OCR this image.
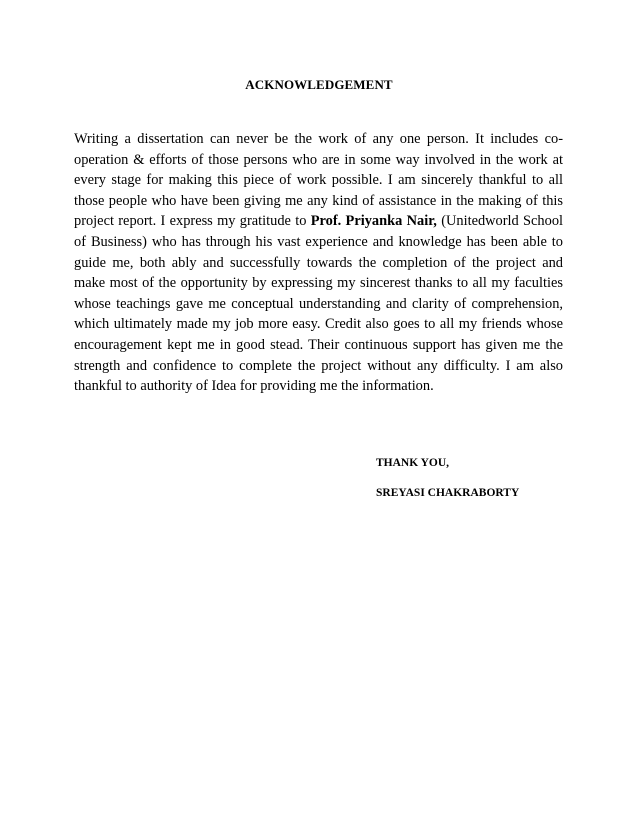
ACKNOWLEDGEMENT

Writing a dissertation can never be the work of any one person. It includes co-operation & efforts of those persons who are in some way involved in the work at every stage for making this piece of work possible. I am sincerely thankful to all those people who have been giving me any kind of assistance in the making of this project report. I express my gratitude to Prof. Priyanka Nair, (Unitedworld School of Business) who has through his vast experience and knowledge has been able to guide me, both ably and successfully towards the completion of the project and make most of the opportunity by expressing my sincerest thanks to all my faculties whose teachings gave me conceptual understanding and clarity of comprehension, which ultimately made my job more easy. Credit also goes to all my friends whose encouragement kept me in good stead. Their continuous support has given me the strength and confidence to complete the project without any difficulty. I am also thankful to authority of Idea for providing me the information.

THANK YOU,
SREYASI CHAKRABORTY
